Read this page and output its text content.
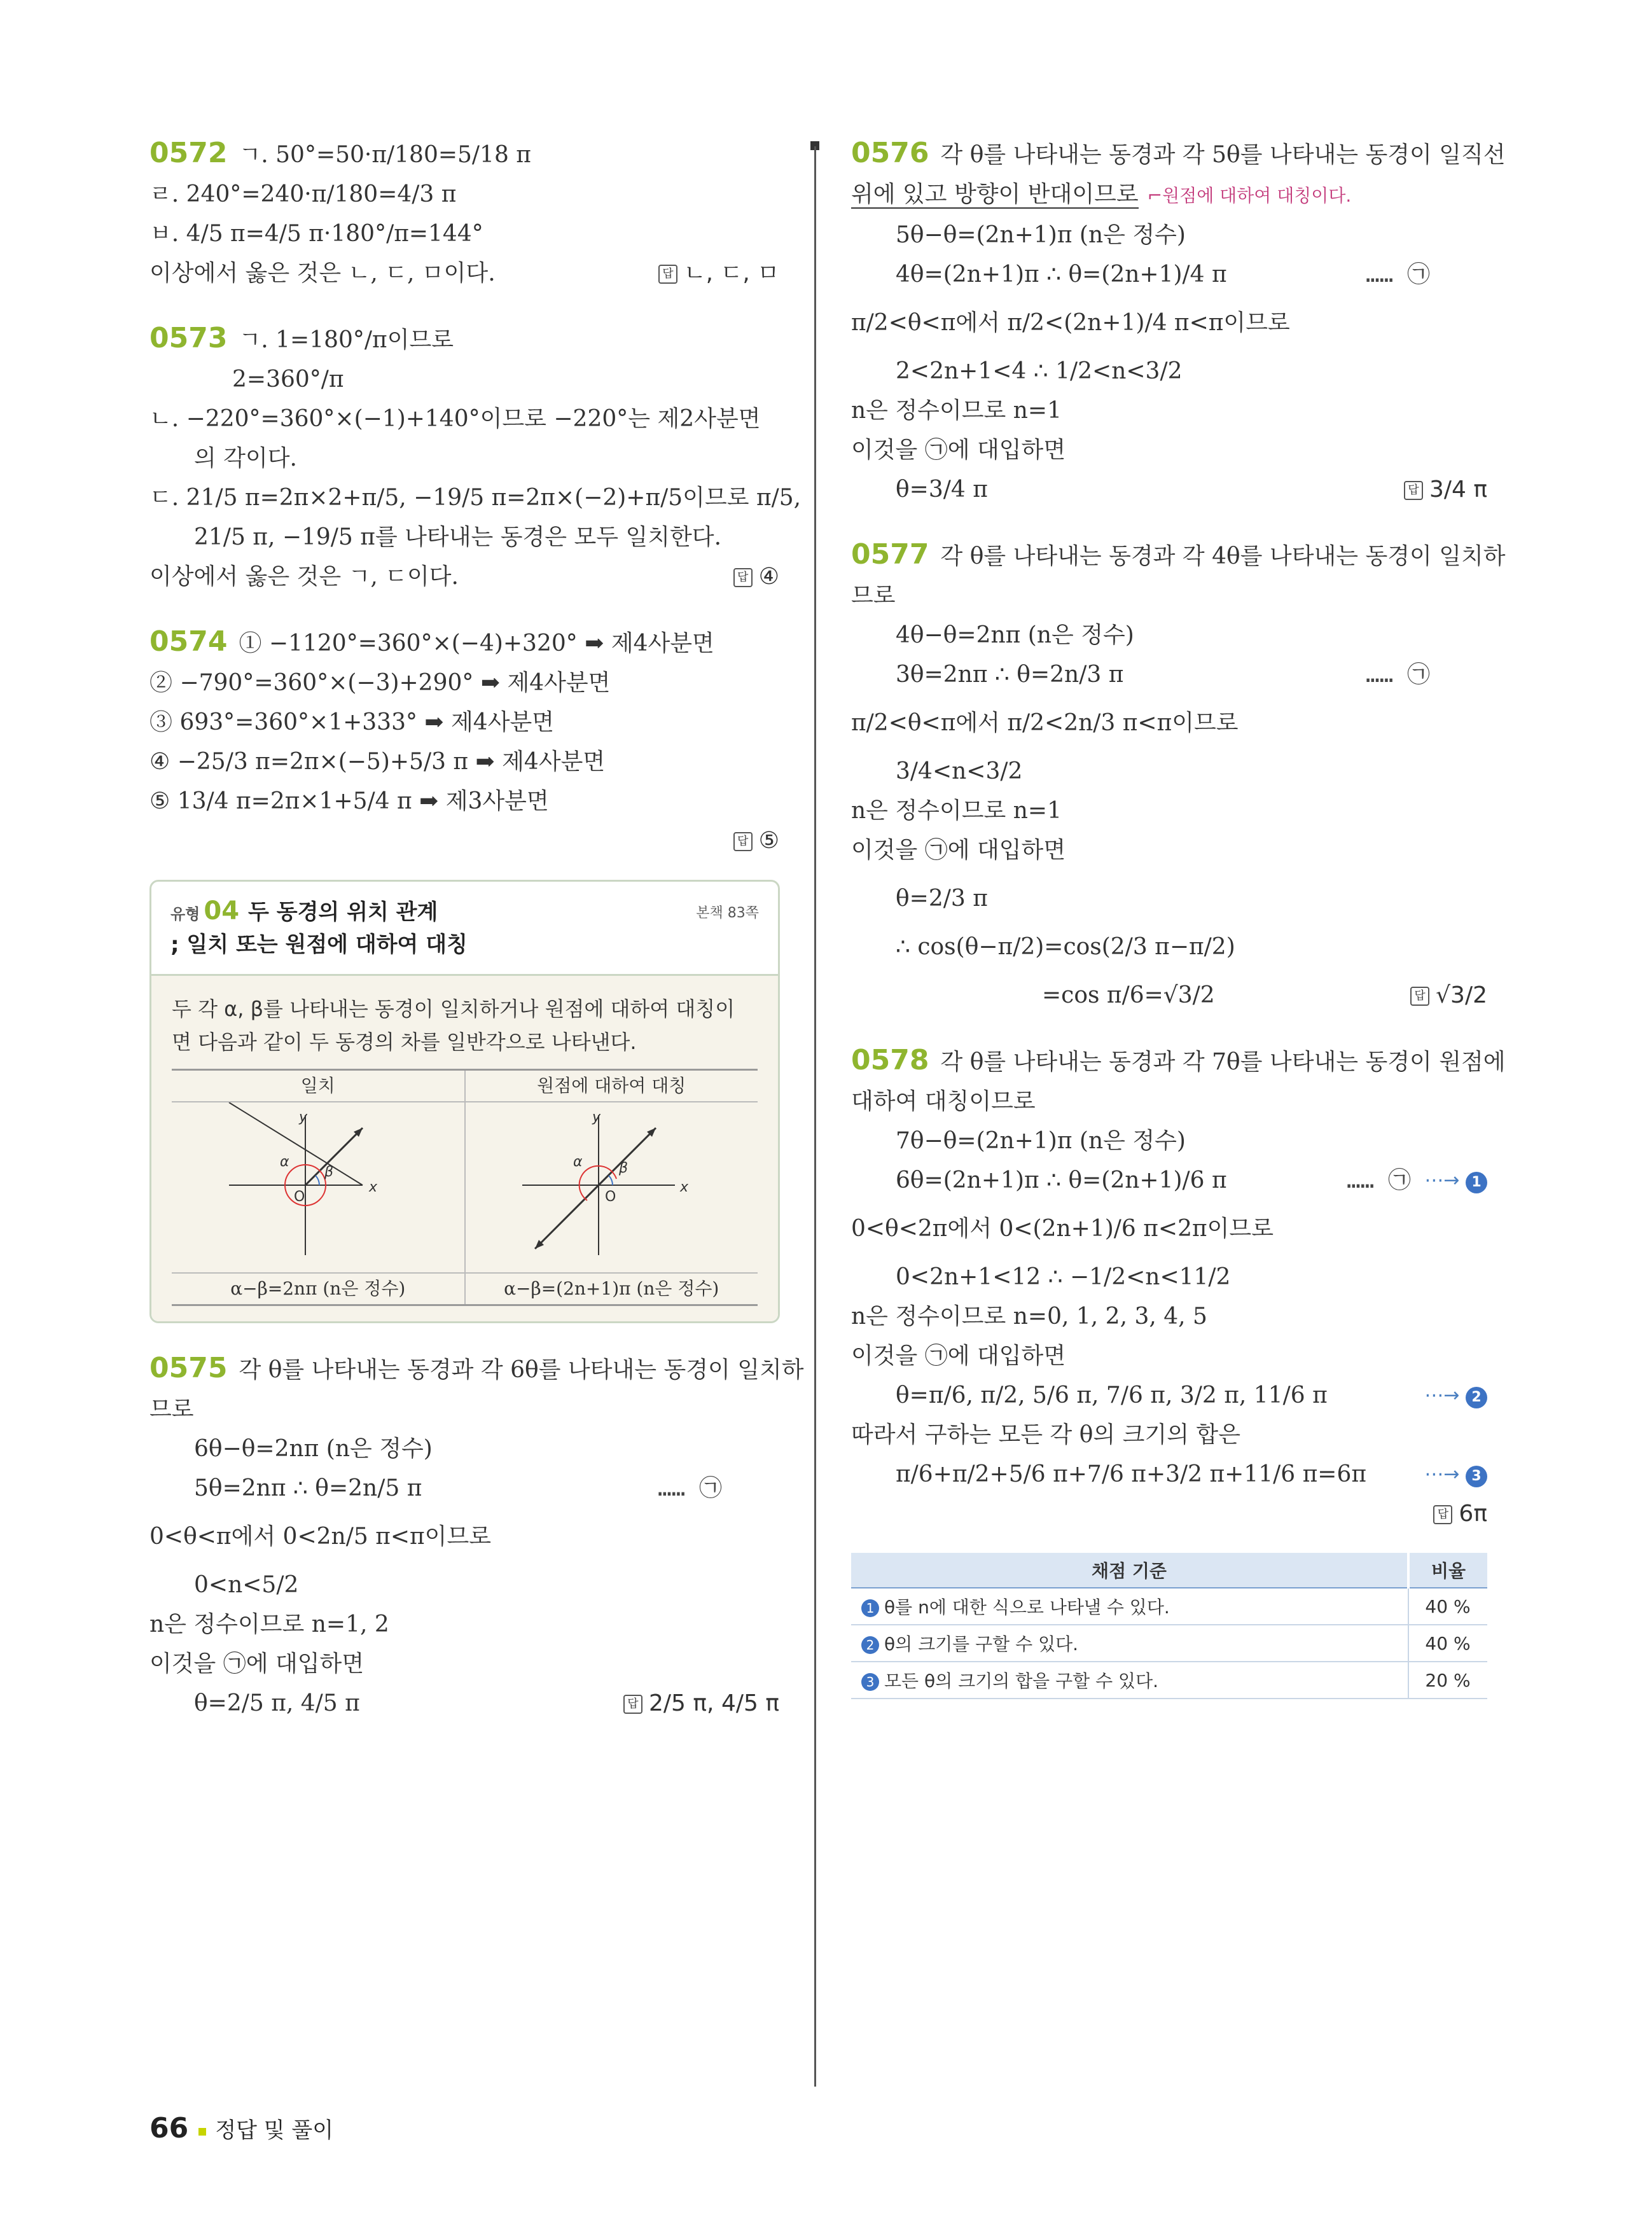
0572 ㄱ. 50°=50·π/180=5/18 π
ㄹ. 240°=240·π/180=4/3 π
ㅂ. 4/5 π=4/5 π·180°/π=144°
이상에서 옳은 것은 ㄴ, ㄷ, ㅁ이다.	답 ㄴ, ㄷ, ㅁ
0573 ㄱ. 1=180°/π이므로
2=360°/π
ㄴ. −220°=360°×(−1)+140°이므로 −220°는 제2사분면
의 각이다.
ㄷ. 21/5 π=2π×2+π/5, −19/5 π=2π×(−2)+π/5이므로 π/5,
21/5 π, −19/5 π를 나타내는 동경은 모두 일치한다.
이상에서 옳은 것은 ㄱ, ㄷ이다.	답 ④
0574 ① −1120°=360°×(−4)+320° ➡ 제4사분면
② −790°=360°×(−3)+290° ➡ 제4사분면
③ 693°=360°×1+333° ➡ 제4사분면
④ −25/3 π=2π×(−5)+5/3 π ➡ 제4사분면
⑤ 13/4 π=2π×1+5/4 π ➡ 제3사분면
답 ⑤

유형 04 두 동경의 위치 관계
; 일치 또는 원점에 대하여 대칭
본책 83쪽
두 각 α, β를 나타내는 동경이 일치하거나 원점에 대하여 대칭이
면 다음과 같이 두 동경의 차를 일반각으로 나타낸다.
일치
y
x
O
α
β
α−β=2nπ (n은 정수)
원점에 대하여 대칭
y
x
O
α	β
α−β=(2n+1)π (n은 정수)
0575 각 θ를 나타내는 동경과 각 6θ를 나타내는 동경이 일치하
므로
6θ−θ=2nπ (n은 정수)
5θ=2nπ ∴ θ=2n/5 π	…… ㉠
0<θ<π에서 0<2n/5 π<π이므로
0<n<5/2
n은 정수이므로 n=1, 2
이것을 ㉠에 대입하면
θ=2/5 π, 4/5 π	답 2/5 π, 4/5 π
0576 각 θ를 나타내는 동경과 각 5θ를 나타내는 동경이 일직선
위에 있고 방향이 반대이므로 ⌐ 원점에 대하여 대칭이다.
5θ−θ=(2n+1)π (n은 정수)
4θ=(2n+1)π ∴ θ=(2n+1)/4 π	…… ㉠
π/2<θ<π에서 π/2<(2n+1)/4 π<π이므로
2<2n+1<4 ∴ 1/2<n<3/2
n은 정수이므로 n=1
이것을 ㉠에 대입하면
θ=3/4 π	답 3/4 π
0577 각 θ를 나타내는 동경과 각 4θ를 나타내는 동경이 일치하
므로
4θ−θ=2nπ (n은 정수)
3θ=2nπ ∴ θ=2n/3 π	…… ㉠
π/2<θ<π에서 π/2<2n/3 π<π이므로
3/4<n<3/2
n은 정수이므로 n=1
이것을 ㉠에 대입하면
θ=2/3 π
∴ cos(θ−π/2)=cos(2/3 π−π/2)
=cos π/6=√3/2	답 √3/2
0578 각 θ를 나타내는 동경과 각 7θ를 나타내는 동경이 원점에
대하여 대칭이므로
7θ−θ=(2n+1)π (n은 정수)
6θ=(2n+1)π ∴ θ=(2n+1)/6 π	…… ㉠ ⋯→ 1
0<θ<2π에서 0<(2n+1)/6 π<2π이므로
0<2n+1<12 ∴ −1/2<n<11/2
n은 정수이므로 n=0, 1, 2, 3, 4, 5
이것을 ㉠에 대입하면
θ=π/6, π/2, 5/6 π, 7/6 π, 3/2 π, 11/6 π	⋯→ 2
따라서 구하는 모든 각 θ의 크기의 합은
π/6+π/2+5/6 π+7/6 π+3/2 π+11/6 π=6π	⋯→ 3
답 6π

채점 기준	비율
1 θ를 n에 대한 식으로 나타낼 수 있다.	40 %
2 θ의 크기를 구할 수 있다.	40 %
3 모든 θ의 크기의 합을 구할 수 있다.	20 %
66 정답 및 풀이
